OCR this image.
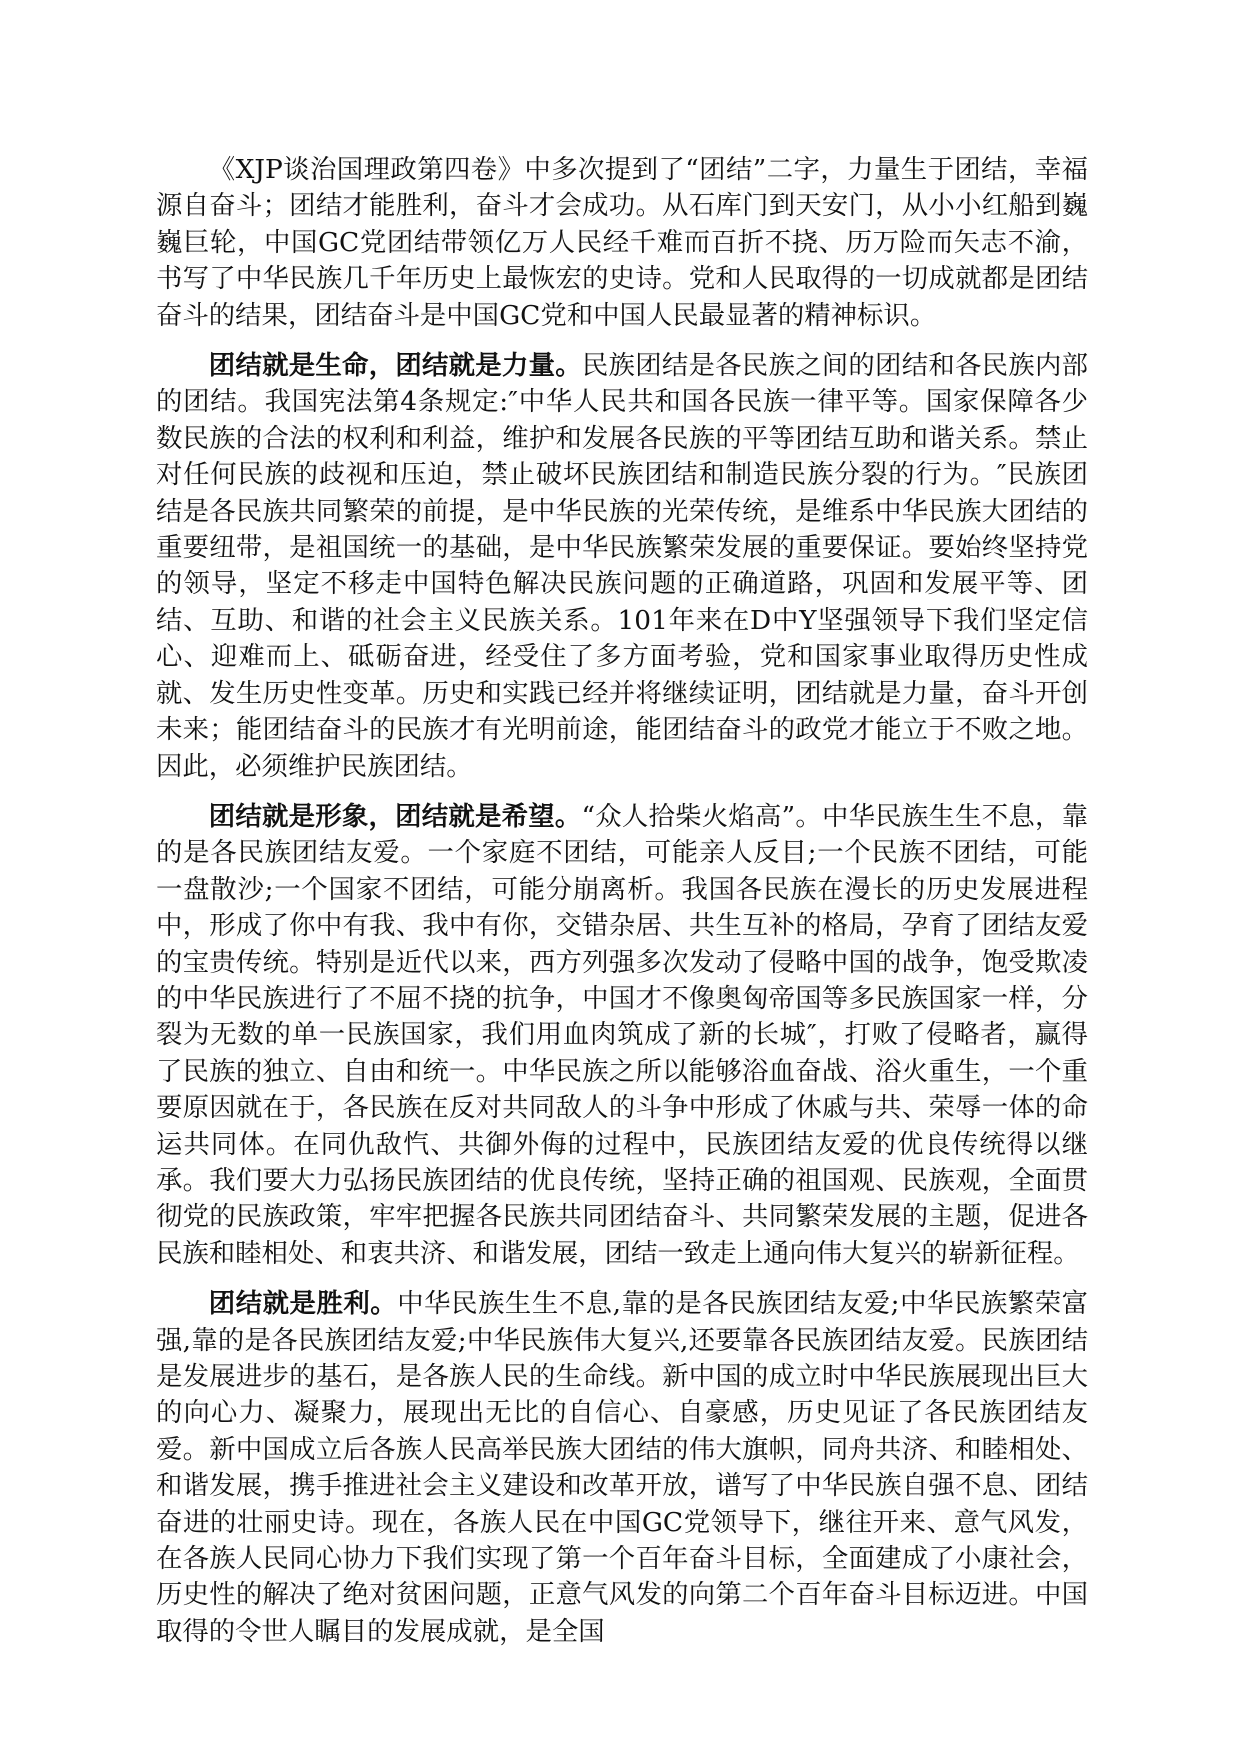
《XJP谈治国理政第四卷》中多次提到了“团结”二字，力量生于团结，幸福源自奋斗；团结才能胜利，奋斗才会成功。从石库门到天安门，从小小红船到巍巍巨轮，中国GC党团结带领亿万人民经千难而百折不挠、历万险而矢志不渝，书写了中华民族几千年历史上最恢宏的史诗。党和人民取得的一切成就都是团结奋斗的结果，团结奋斗是中国GC党和中国人民最显著的精神标识。

团结就是生命，团结就是力量。民族团结是各民族之间的团结和各民族内部的团结。我国宪法第4条规定:″中华人民共和国各民族一律平等。国家保障各少数民族的合法的权利和利益，维护和发展各民族的平等团结互助和谐关系。禁止对任何民族的歧视和压迫，禁止破坏民族团结和制造民族分裂的行为。″民族团结是各民族共同繁荣的前提，是中华民族的光荣传统，是维系中华民族大团结的重要纽带，是祖国统一的基础，是中华民族繁荣发展的重要保证。要始终坚持党的领导，坚定不移走中国特色解决民族问题的正确道路，巩固和发展平等、团结、互助、和谐的社会主义民族关系。101年来在D中Y坚强领导下我们坚定信心、迎难而上、砥砺奋进，经受住了多方面考验，党和国家事业取得历史性成就、发生历史性变革。历史和实践已经并将继续证明，团结就是力量，奋斗开创未来；能团结奋斗的民族才有光明前途，能团结奋斗的政党才能立于不败之地。因此，必须维护民族团结。

团结就是形象，团结就是希望。“众人拾柴火焰高”。中华民族生生不息，靠的是各民族团结友爱。一个家庭不团结，可能亲人反目;一个民族不团结，可能一盘散沙;一个国家不团结，可能分崩离析。我国各民族在漫长的历史发展进程中，形成了你中有我、我中有你，交错杂居、共生互补的格局，孕育了团结友爱的宝贵传统。特别是近代以来，西方列强多次发动了侵略中国的战争，饱受欺凌的中华民族进行了不屈不挠的抗争，中国才不像奥匈帝国等多民族国家一样，分裂为无数的单一民族国家，我们用血肉筑成了新的长城″，打败了侵略者，赢得了民族的独立、自由和统一。中华民族之所以能够浴血奋战、浴火重生，一个重要原因就在于，各民族在反对共同敌人的斗争中形成了休戚与共、荣辱一体的命运共同体。在同仇敌忾、共御外侮的过程中，民族团结友爱的优良传统得以继承。我们要大力弘扬民族团结的优良传统，坚持正确的祖国观、民族观，全面贯彻党的民族政策，牢牢把握各民族共同团结奋斗、共同繁荣发展的主题，促进各民族和睦相处、和衷共济、和谐发展，团结一致走上通向伟大复兴的崭新征程。

团结就是胜利。中华民族生生不息,靠的是各民族团结友爱;中华民族繁荣富强,靠的是各民族团结友爱;中华民族伟大复兴,还要靠各民族团结友爱。民族团结是发展进步的基石，是各族人民的生命线。新中国的成立时中华民族展现出巨大的向心力、凝聚力，展现出无比的自信心、自豪感，历史见证了各民族团结友爱。新中国成立后各族人民高举民族大团结的伟大旗帜，同舟共济、和睦相处、和谐发展，携手推进社会主义建设和改革开放，谱写了中华民族自强不息、团结奋进的壮丽史诗。现在，各族人民在中国GC党领导下，继往开来、意气风发，在各族人民同心协力下我们实现了第一个百年奋斗目标，全面建成了小康社会，历史性的解决了绝对贫困问题，正意气风发的向第二个百年奋斗目标迈进。中国取得的令世人瞩目的发展成就，是全国
